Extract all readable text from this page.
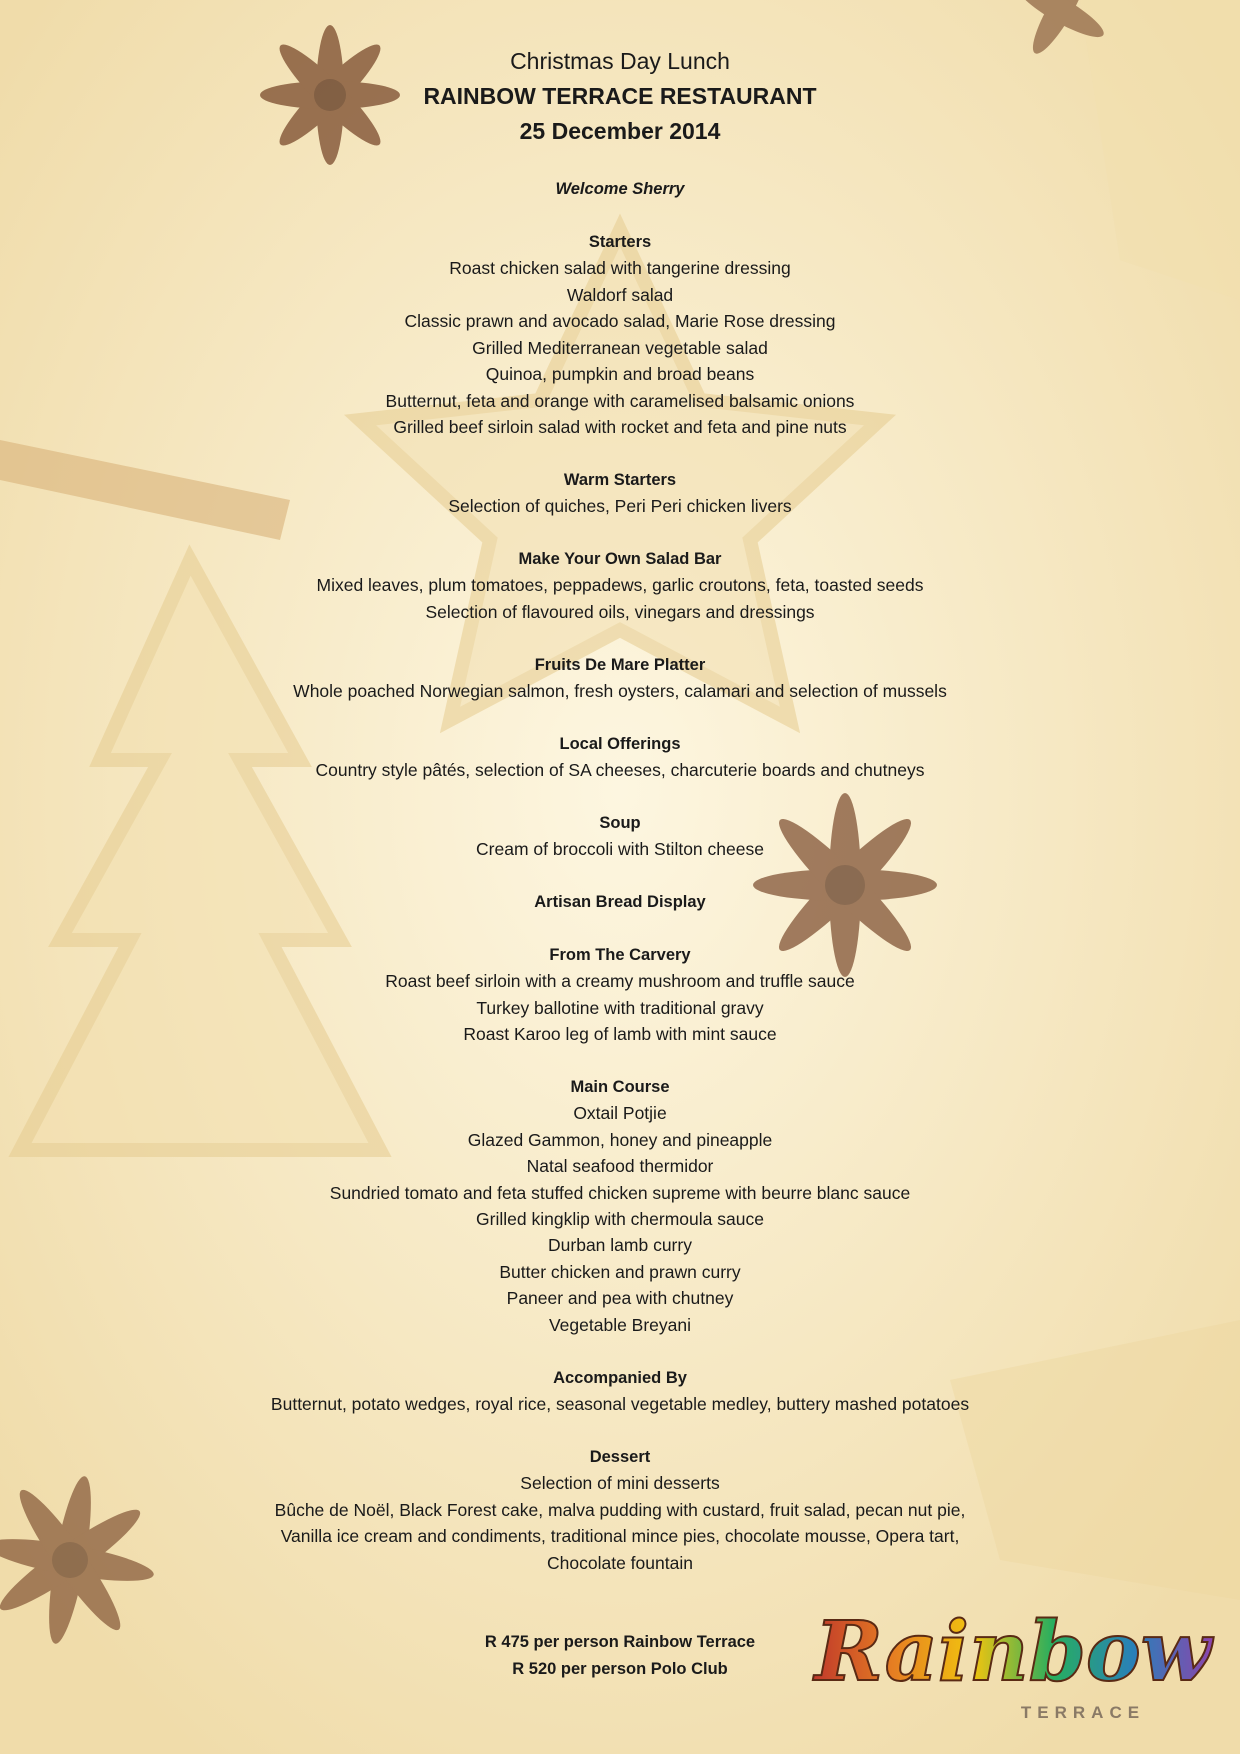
Christmas Day Lunch
RAINBOW TERRACE RESTAURANT
25 December 2014
Welcome Sherry
Starters
Roast chicken salad with tangerine dressing
Waldorf salad
Classic prawn and avocado salad, Marie Rose dressing
Grilled Mediterranean vegetable salad
Quinoa, pumpkin and broad beans
Butternut, feta and orange with caramelised balsamic onions
Grilled beef sirloin salad with rocket and feta and pine nuts
Warm Starters
Selection of quiches, Peri Peri chicken livers
Make Your Own Salad Bar
Mixed leaves, plum tomatoes, peppadews, garlic croutons, feta, toasted seeds
Selection of flavoured oils, vinegars and dressings
Fruits De Mare Platter
Whole poached Norwegian salmon, fresh oysters, calamari and selection of mussels
Local Offerings
Country style pâtés, selection of SA cheeses, charcuterie boards and chutneys
Soup
Cream of broccoli with Stilton cheese
Artisan Bread Display
From The Carvery
Roast beef sirloin with a creamy mushroom and truffle sauce
Turkey ballotine with traditional gravy
Roast Karoo leg of lamb with mint sauce
Main Course
Oxtail Potjie
Glazed Gammon, honey and pineapple
Natal seafood thermidor
Sundried tomato and feta stuffed chicken supreme with beurre blanc sauce
Grilled kingklip with chermoula sauce
Durban lamb curry
Butter chicken and prawn curry
Paneer and pea with chutney
Vegetable Breyani
Accompanied By
Butternut, potato wedges, royal rice, seasonal vegetable medley, buttery mashed potatoes
Dessert
Selection of mini desserts
Bûche de Noël, Black Forest cake, malva pudding with custard, fruit salad, pecan nut pie,
Vanilla ice cream and condiments, traditional mince pies, chocolate mousse, Opera tart,
Chocolate fountain
R 475 per person Rainbow Terrace
R 520 per person Polo Club	Rainbow
TERRACE
